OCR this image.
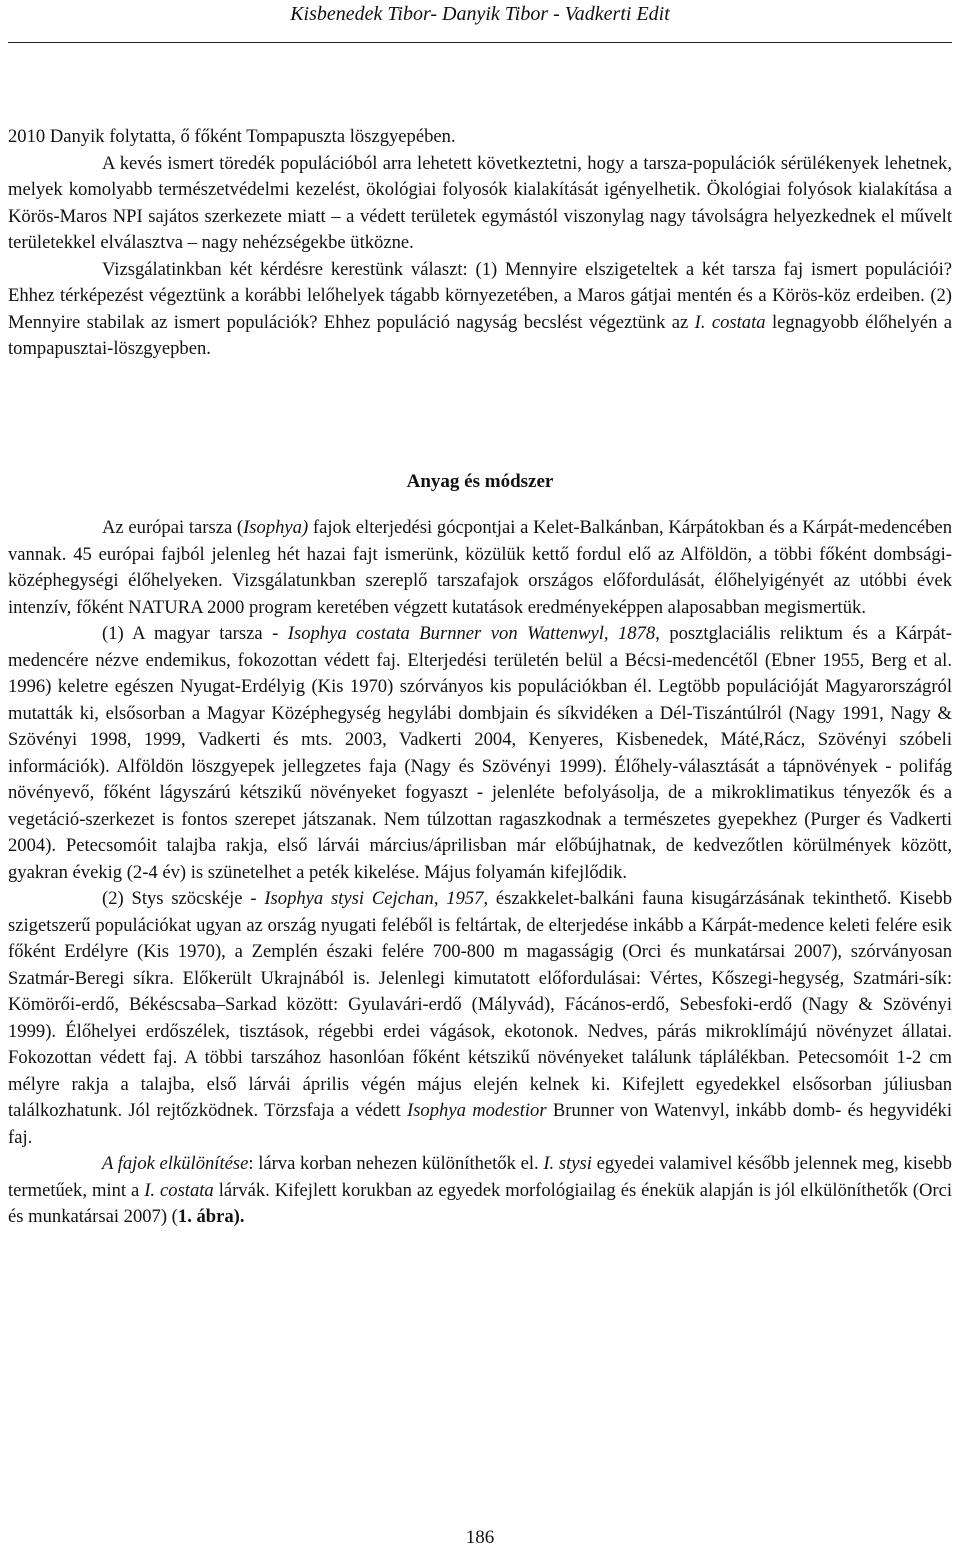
Kisbenedek Tibor- Danyik Tibor - Vadkerti Edit

2010 Danyik folytatta, ő főként Tompapuszta löszgyepében.

A kevés ismert töredék populációból arra lehetett következtetni, hogy a tarsza-populációk sérülékenyek lehetnek, melyek komolyabb természetvédelmi kezelést, ökológiai folyosók kialakítását igényelhetik. Ökológiai folyósok kialakítása a Körös-Maros NPI sajátos szerkezete miatt – a védett területek egymástól viszonylag nagy távolságra helyezkednek el művelt területekkel elválasztva – nagy nehézségekbe ütközne.

Vizsgálatinkban két kérdésre kerestünk választ: (1) Mennyire elszigeteltek a két tarsza faj ismert populációi? Ehhez térképezést végeztünk a korábbi lelőhelyek tágabb környezetében, a Maros gátjai mentén és a Körös-köz erdeiben. (2) Mennyire stabilak az ismert populációk? Ehhez populáció nagyság becslést végeztünk az I. costata legnagyobb élőhelyén a tompapusztai-löszgyepben.

Anyag és módszer

Az európai tarsza (Isophya) fajok elterjedési gócpontjai a Kelet-Balkánban, Kárpátokban és a Kárpát-medencében vannak. 45 európai fajból jelenleg hét hazai fajt ismerünk, közülük kettő fordul elő az Alföldön, a többi főként dombsági-középhegységi élőhelyeken. Vizsgálatunkban szereplő tarszafajok országos előfordulását, élőhelyigényét az utóbbi évek intenzív, főként NATURA 2000 program keretében végzett kutatások eredményeképpen alaposabban megismertük.

(1) A magyar tarsza - Isophya costata Burnner von Wattenwyl, 1878, posztglaciális reliktum és a Kárpát-medencére nézve endemikus, fokozottan védett faj. Elterjedési területén belül a Bécsi-medencétől (Ebner 1955, Berg et al. 1996) keletre egészen Nyugat-Erdélyig (Kis 1970) szórványos kis populációkban él. Legtöbb populációját Magyarországról mutatták ki, elsősorban a Magyar Középhegység hegylábi dombjain és síkvidéken a Dél-Tiszántúlról (Nagy 1991, Nagy & Szövényi 1998, 1999, Vadkerti és mts. 2003, Vadkerti 2004, Kenyeres, Kisbenedek, Máté,Rácz, Szövényi szóbeli információk). Alföldön löszgyepek jellegzetes faja (Nagy és Szövényi 1999). Élőhely-választását a tápnövények - polifág növényevő, főként lágyszárú kétszikű növényeket fogyaszt - jelenléte befolyásolja, de a mikroklimatikus tényezők és a vegetáció-szerkezet is fontos szerepet játszanak. Nem túlzottan ragaszkodnak a természetes gyepekhez (Purger és Vadkerti 2004). Petecsomóit talajba rakja, első lárvái március/áprilisban már előbújhatnak, de kedvezőtlen körülmények között, gyakran évekig (2-4 év) is szünetelhet a peték kikelése. Május folyamán kifejlődik.

(2) Stys szöcskéje - Isophya stysi Cejchan, 1957, északkelet-balkáni fauna kisugárzásának tekinthető. Kisebb szigetszerű populációkat ugyan az ország nyugati feléből is feltártak, de elterjedése inkább a Kárpát-medence keleti felére esik főként Erdélyre (Kis 1970), a Zemplén északi felére 700-800 m magasságig (Orci és munkatársai 2007), szórványosan Szatmár-Beregi síkra. Előkerült Ukrajnából is. Jelenlegi kimutatott előfordulásai: Vértes, Kőszegi-hegység, Szatmári-sík: Kömörői-erdő, Békéscsaba–Sarkad között: Gyulavári-erdő (Mályvád), Fácános-erdő, Sebesfoki-erdő (Nagy & Szövényi 1999). Élőhelyei erdőszélek, tisztások, régebbi erdei vágások, ekotonok. Nedves, párás mikroklímájú növényzet állatai. Fokozottan védett faj. A többi tarszához hasonlóan főként kétszikű növényeket találunk táplálékban. Petecsomóit 1-2 cm mélyre rakja a talajba, első lárvái április végén május elején kelnek ki. Kifejlett egyedekkel elsősorban júliusban találkozhatunk. Jól rejtőzködnek. Törzsfaja a védett Isophya modestior Brunner von Watenvyl, inkább domb- és hegyvidéki faj.

A fajok elkülönítése: lárva korban nehezen különíthetők el. I. stysi egyedei valamivel később jelennek meg, kisebb termetűek, mint a I. costata lárvák. Kifejlett korukban az egyedek morfológiailag és énekük alapján is jól elkülöníthetők (Orci és munkatársai 2007) (1. ábra).

186
